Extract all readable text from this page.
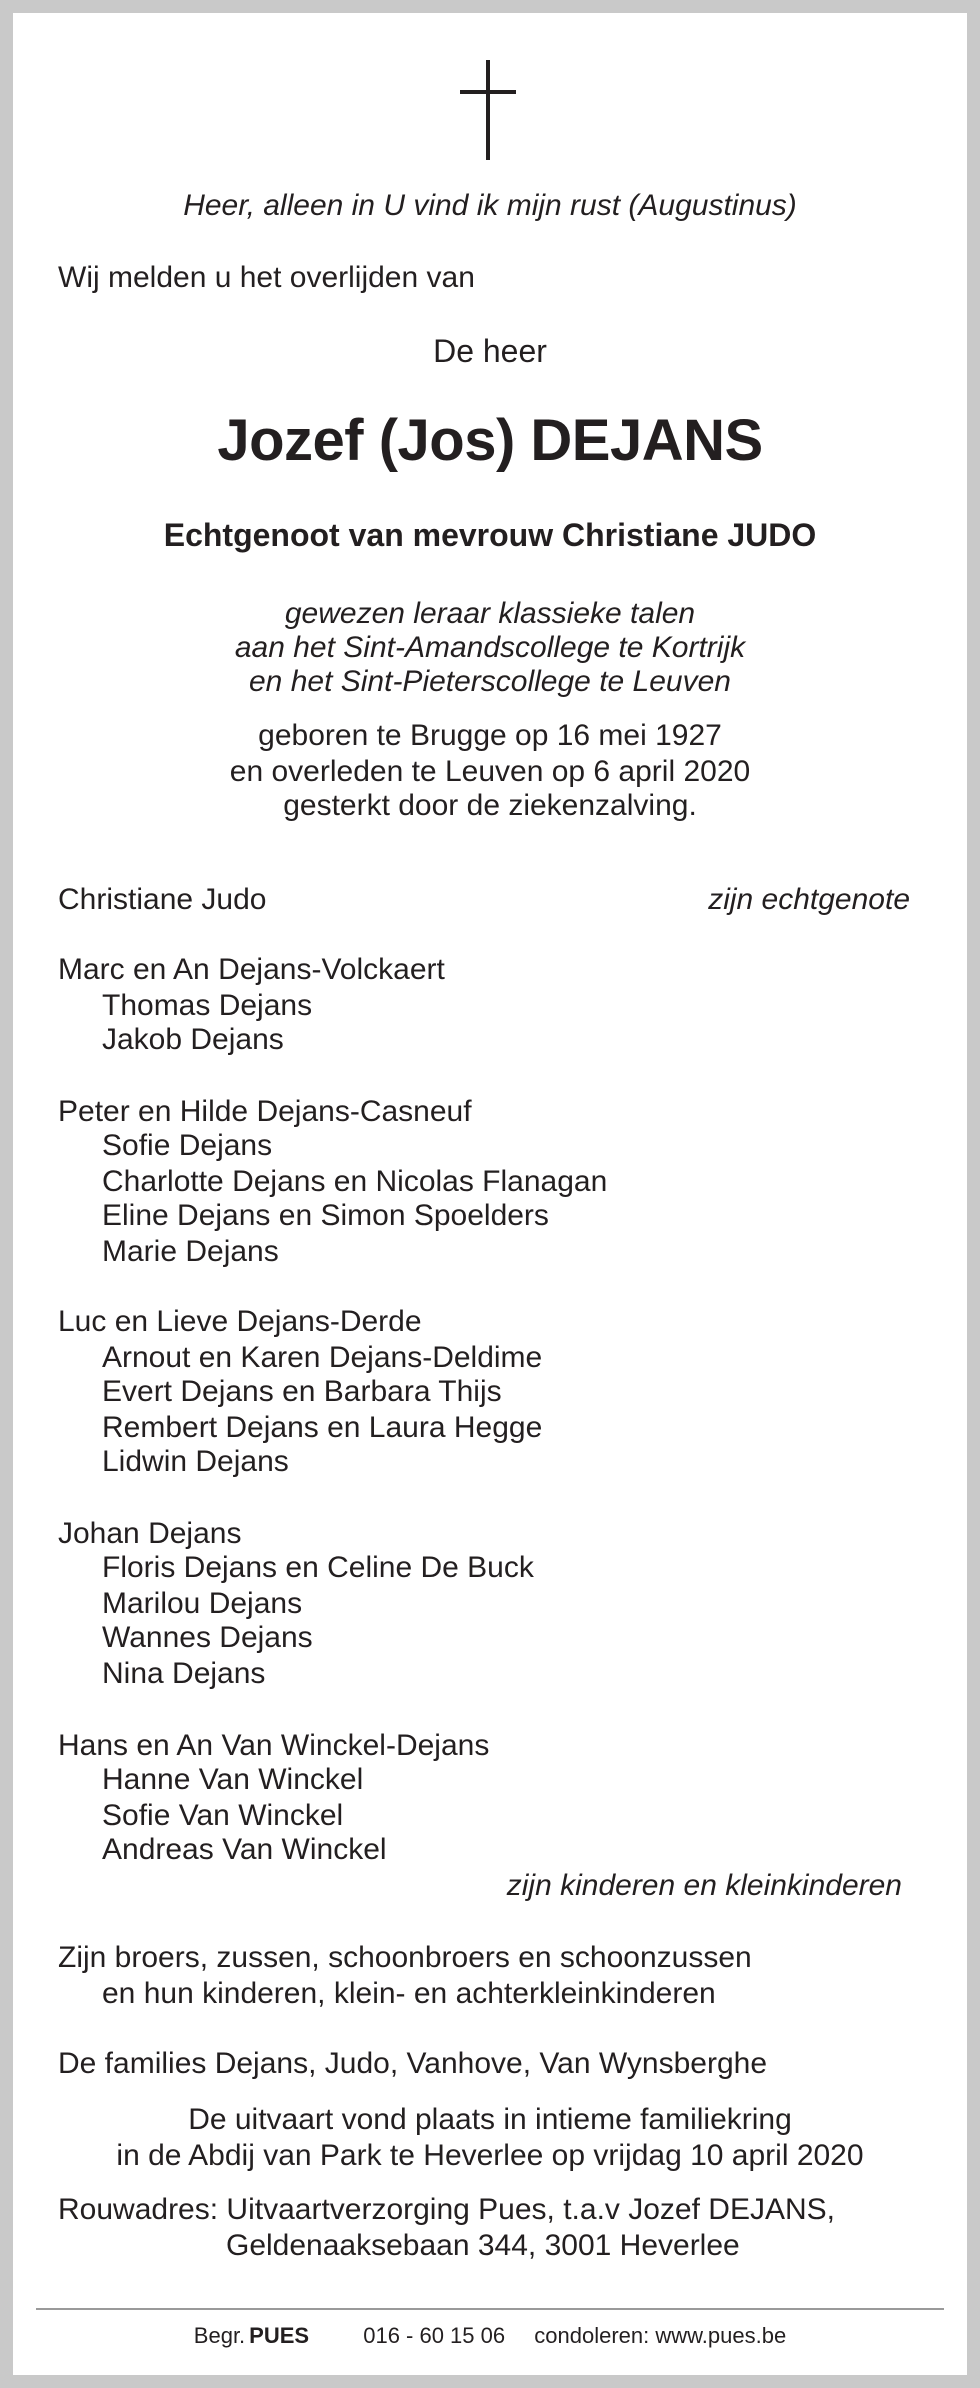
Heer, alleen in U vind ik mijn rust (Augustinus)
Wij melden u het overlijden van
De heer
Jozef (Jos) DEJANS
Echtgenoot van mevrouw Christiane JUDO
gewezen leraar klassieke talen
aan het Sint-Amandscollege te Kortrijk
en het Sint-Pieterscollege te Leuven
geboren te Brugge op 16 mei 1927
en overleden te Leuven op 6 april 2020
gesterkt door de ziekenzalving.
Christiane Judo	zijn echtgenote
Marc en An Dejans-Volckaert
Thomas Dejans
Jakob Dejans
Peter en Hilde Dejans-Casneuf
Sofie Dejans
Charlotte Dejans en Nicolas Flanagan
Eline Dejans en Simon Spoelders
Marie Dejans
Luc en Lieve Dejans-Derde
Arnout en Karen Dejans-Deldime
Evert Dejans en Barbara Thijs
Rembert Dejans en Laura Hegge
Lidwin Dejans
Johan Dejans
Floris Dejans en Celine De Buck
Marilou Dejans
Wannes Dejans
Nina Dejans
Hans en An Van Winckel-Dejans
Hanne Van Winckel
Sofie Van Winckel
Andreas Van Winckel
zijn kinderen en kleinkinderen
Zijn broers, zussen, schoonbroers en schoonzussen
en hun kinderen, klein- en achterkleinkinderen
De families Dejans, Judo, Vanhove, Van Wynsberghe
De uitvaart vond plaats in intieme familiekring
in de Abdij van Park te Heverlee op vrijdag 10 april 2020
Rouwadres: Uitvaartverzorging Pues, t.a.v Jozef DEJANS,
Geldenaaksebaan 344, 3001 Heverlee
Begr. PUES 016 - 60 15 06 condoleren: www.pues.be
